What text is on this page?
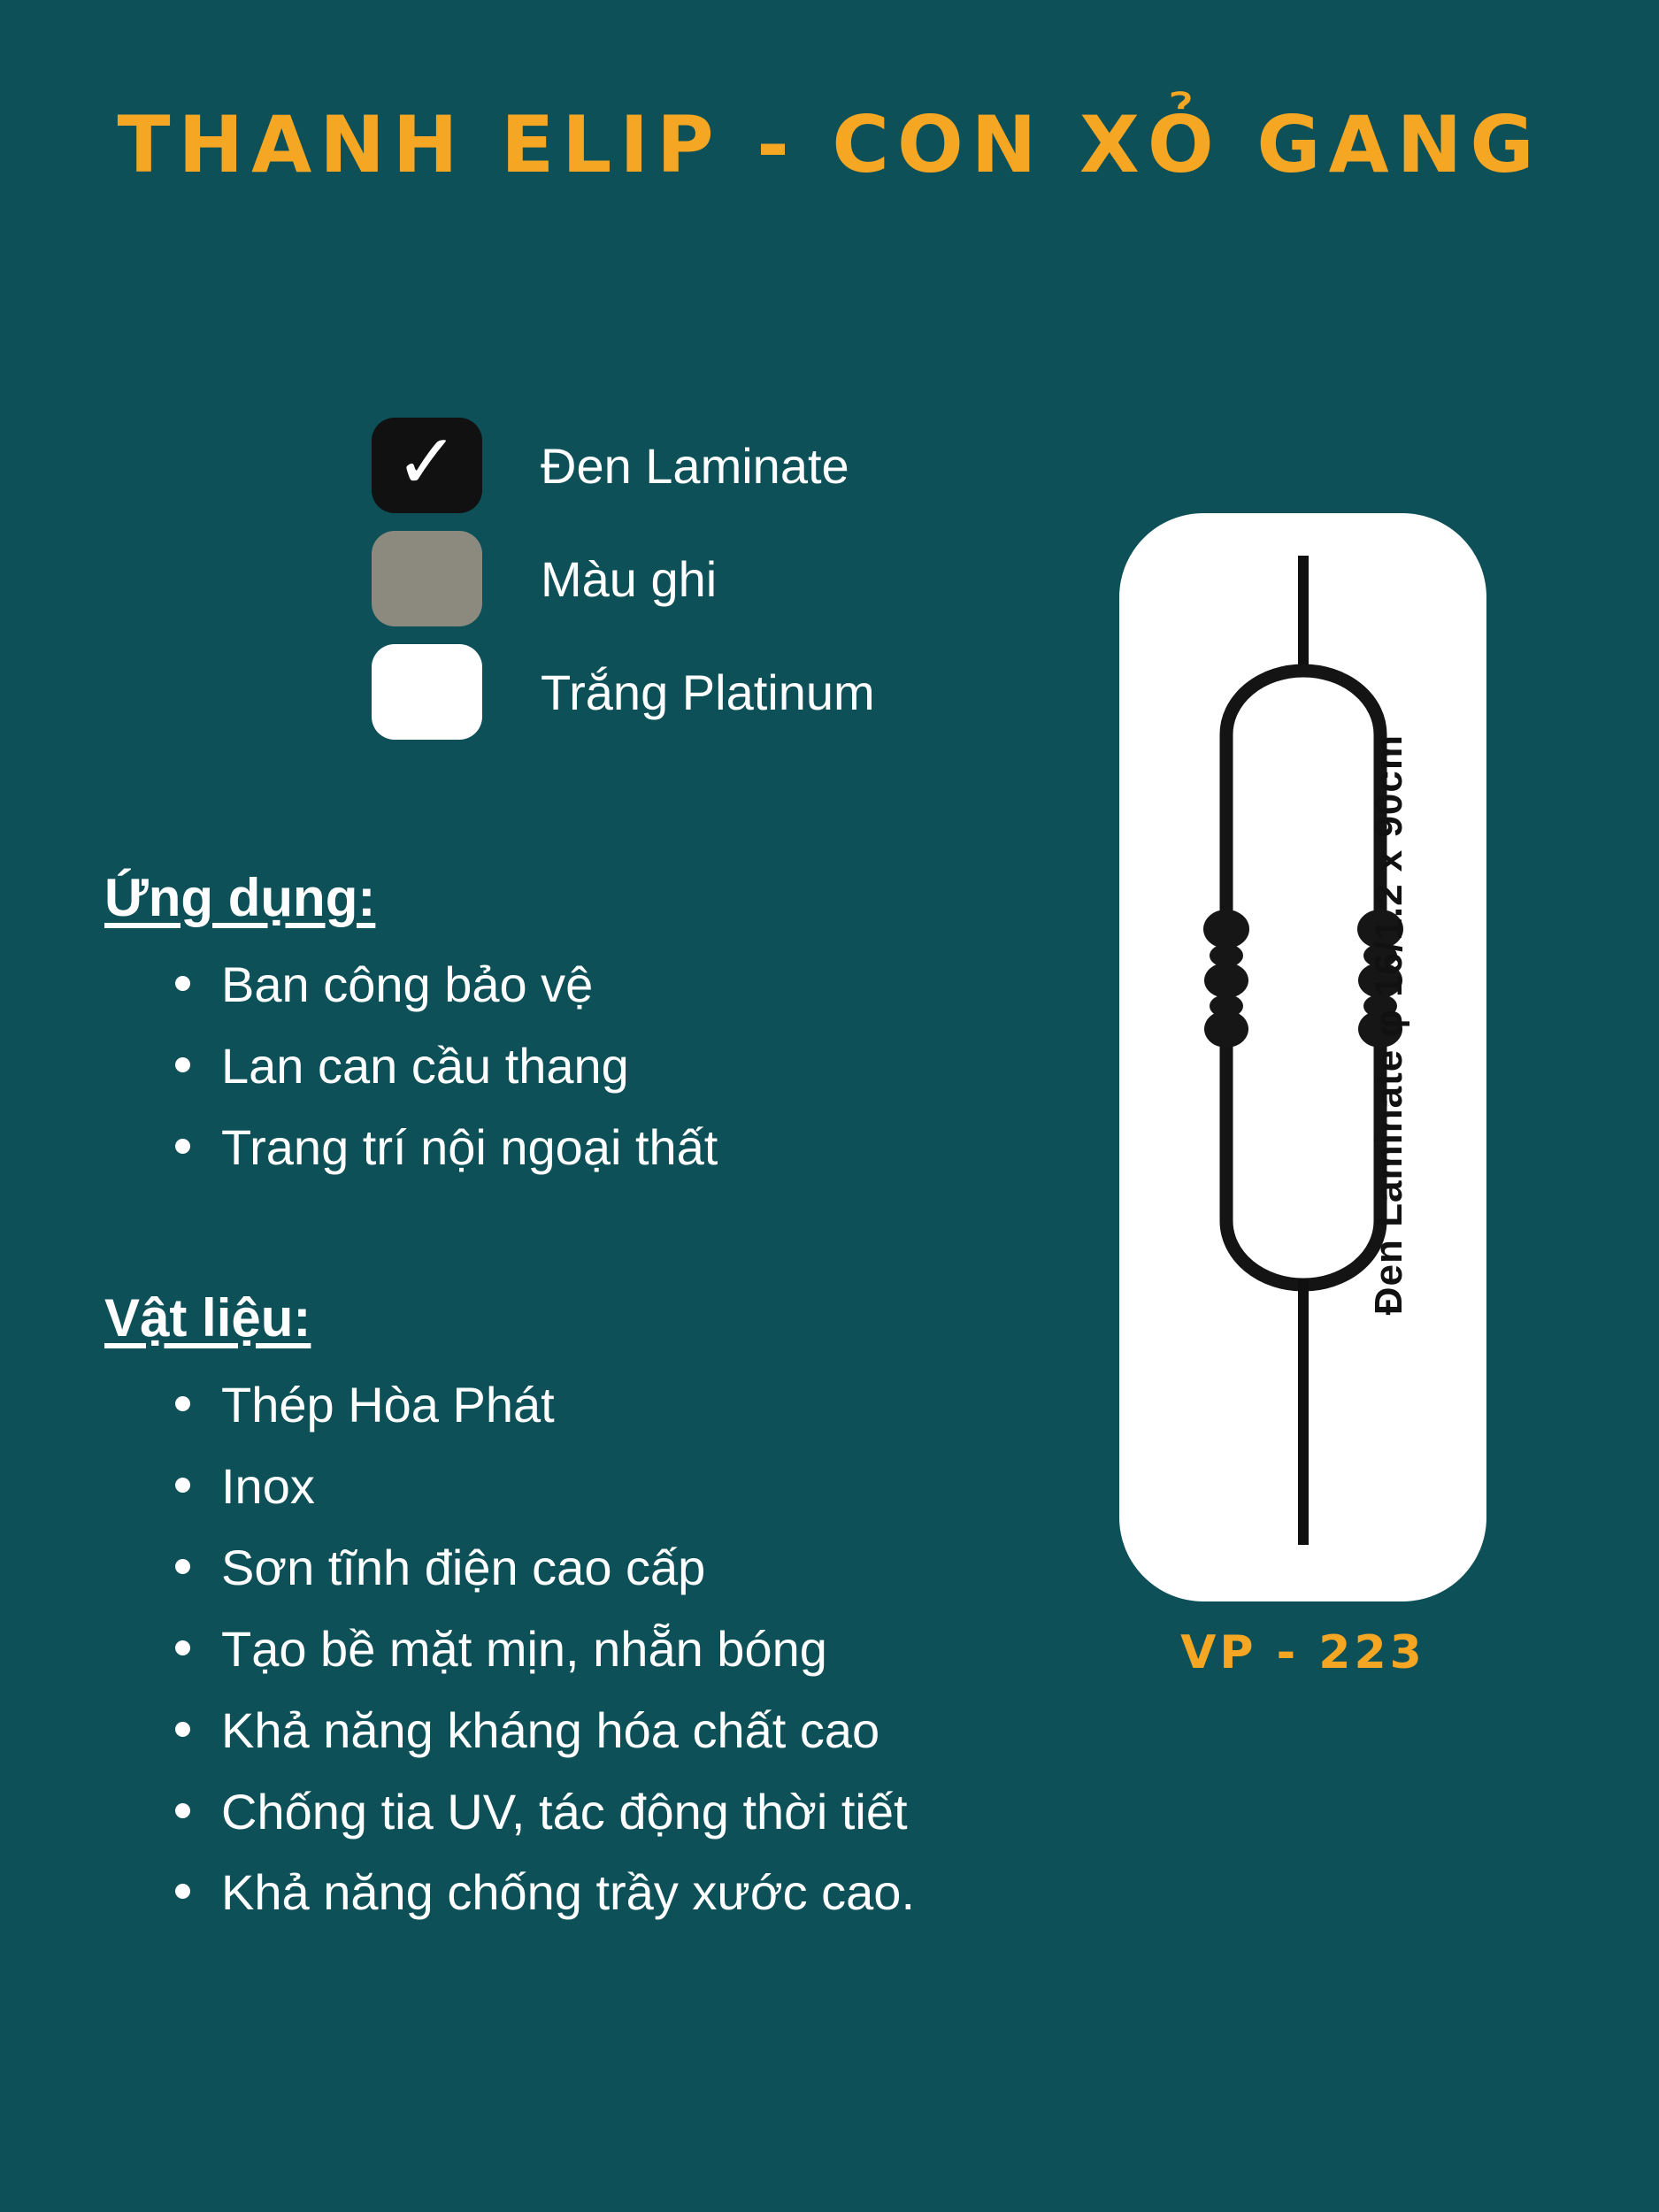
THANH ELIP - CON XỎ GANG
✓ Đen Laminate
Màu ghi
Trắng Platinum
Ứng dụng:
Ban công bảo vệ
Lan can cầu thang
Trang trí nội ngoại thất
Vật liệu:
Thép Hòa Phát
Inox
Sơn tĩnh điện cao cấp
Tạo bề mặt mịn, nhẵn bóng
Khả năng kháng hóa chất cao
Chống tia UV, tác động thời tiết
Khả năng chống trầy xước cao.
Đen Laminate φ 16/1.2 x 90cm
VP - 223
